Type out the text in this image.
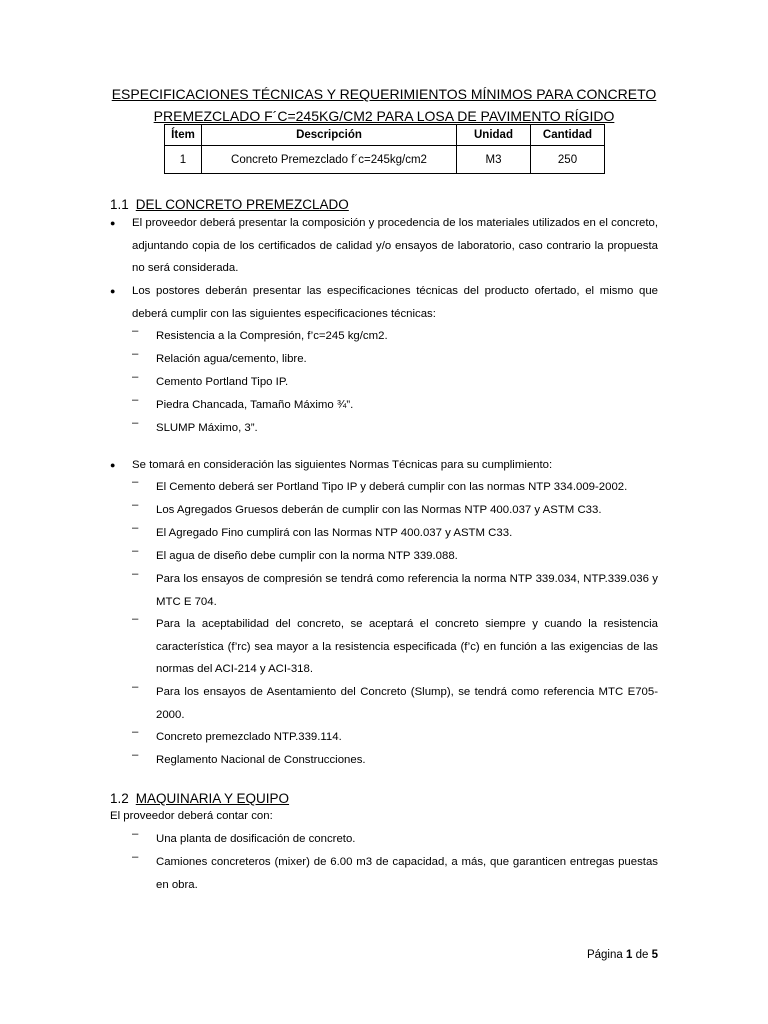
ESPECIFICACIONES TÉCNICAS Y REQUERIMIENTOS MÍNIMOS PARA CONCRETO
PREMEZCLADO F´C=245KG/CM2 PARA LOSA DE PAVIMENTO RÍGIDO
Ítem	Descripción	Unidad	Cantidad
1	Concreto Premezclado f´c=245kg/cm2	M3	250
1.1 DEL CONCRETO PREMEZCLADO
● El proveedor deberá presentar la composición y procedencia de los materiales utilizados en el concreto, adjuntando copia de los certificados de calidad y/o ensayos de laboratorio, caso contrario la propuesta no será considerada.
● Los postores deberán presentar las especificaciones técnicas del producto ofertado, el mismo que deberá cumplir con las siguientes especificaciones técnicas:
– Resistencia a la Compresión, f’c=245 kg/cm2.
– Relación agua/cemento, libre.
– Cemento Portland Tipo IP.
– Piedra Chancada, Tamaño Máximo ¾”.
– SLUMP Máximo, 3”.
● Se tomará en consideración las siguientes Normas Técnicas para su cumplimiento:
– El Cemento deberá ser Portland Tipo IP y deberá cumplir con las normas NTP 334.009-2002.
– Los Agregados Gruesos deberán de cumplir con las Normas NTP 400.037 y ASTM C33.
– El Agregado Fino cumplirá con las Normas NTP 400.037 y ASTM C33.
– El agua de diseño debe cumplir con la norma NTP 339.088.
– Para los ensayos de compresión se tendrá como referencia la norma NTP 339.034, NTP.339.036 y MTC E 704.
– Para la aceptabilidad del concreto, se aceptará el concreto siempre y cuando la resistencia característica (f’rc) sea mayor a la resistencia especificada (f’c) en función a las exigencias de las normas del ACI-214 y ACI-318.
– Para los ensayos de Asentamiento del Concreto (Slump), se tendrá como referencia MTC E705-2000.
– Concreto premezclado NTP.339.114.
– Reglamento Nacional de Construcciones.
1.2 MAQUINARIA Y EQUIPO
El proveedor deberá contar con:
– Una planta de dosificación de concreto.
– Camiones concreteros (mixer) de 6.00 m3 de capacidad, a más, que garanticen entregas puestas en obra.
Página 1 de 5
